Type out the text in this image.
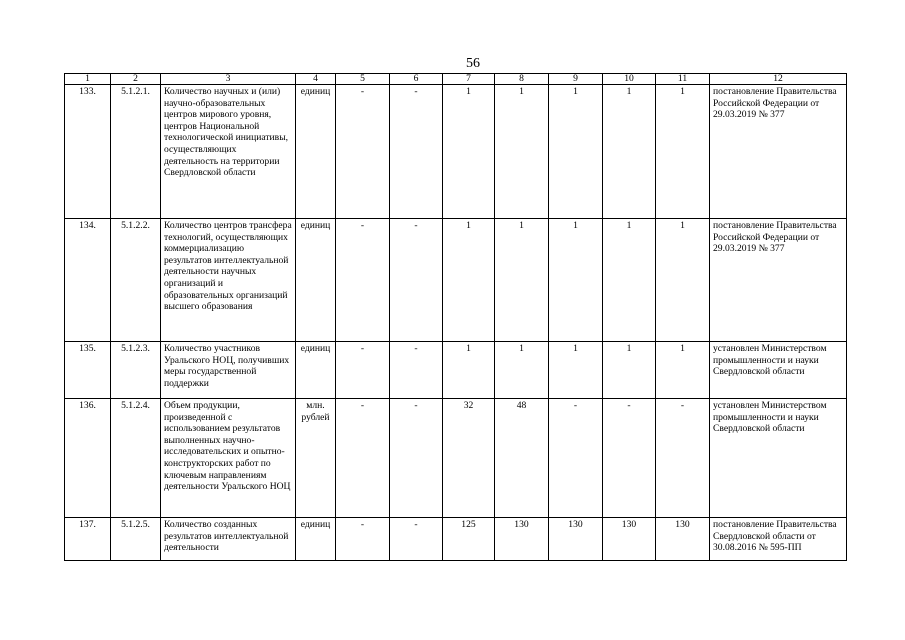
56
1	2	3	4	5	6	7	8	9	10	11	12
133.	5.1.2.1.	Количество научных и (или) научно-образовательных центров мирового уровня, центров Национальной технологической инициативы, осуществляющих деятельность на территории Свердловской области	единиц	-	-	1	1	1	1	1	постановление Правительства Российской Федерации от 29.03.2019 № 377
134.	5.1.2.2.	Количество центров трансфера технологий, осуществляющих коммерциализацию результатов интеллектуальной деятельности научных организаций и образовательных организаций высшего образования	единиц	-	-	1	1	1	1	1	постановление Правительства Российской Федерации от 29.03.2019 № 377
135.	5.1.2.3.	Количество участников Уральского НОЦ, получивших меры государственной поддержки	единиц	-	-	1	1	1	1	1	установлен Министерством промышленности и науки Свердловской области
136.	5.1.2.4.	Объем продукции, произведенной с использованием результатов выполненных научно-исследовательских и опытно-конструкторских работ по ключевым направлениям деятельности Уральского НОЦ	млн. рублей	-	-	32	48	-	-	-	установлен Министерством промышленности и науки Свердловской области
137.	5.1.2.5.	Количество созданных результатов интеллектуальной деятельности	единиц	-	-	125	130	130	130	130	постановление Правительства Свердловской области от 30.08.2016 № 595-ПП
